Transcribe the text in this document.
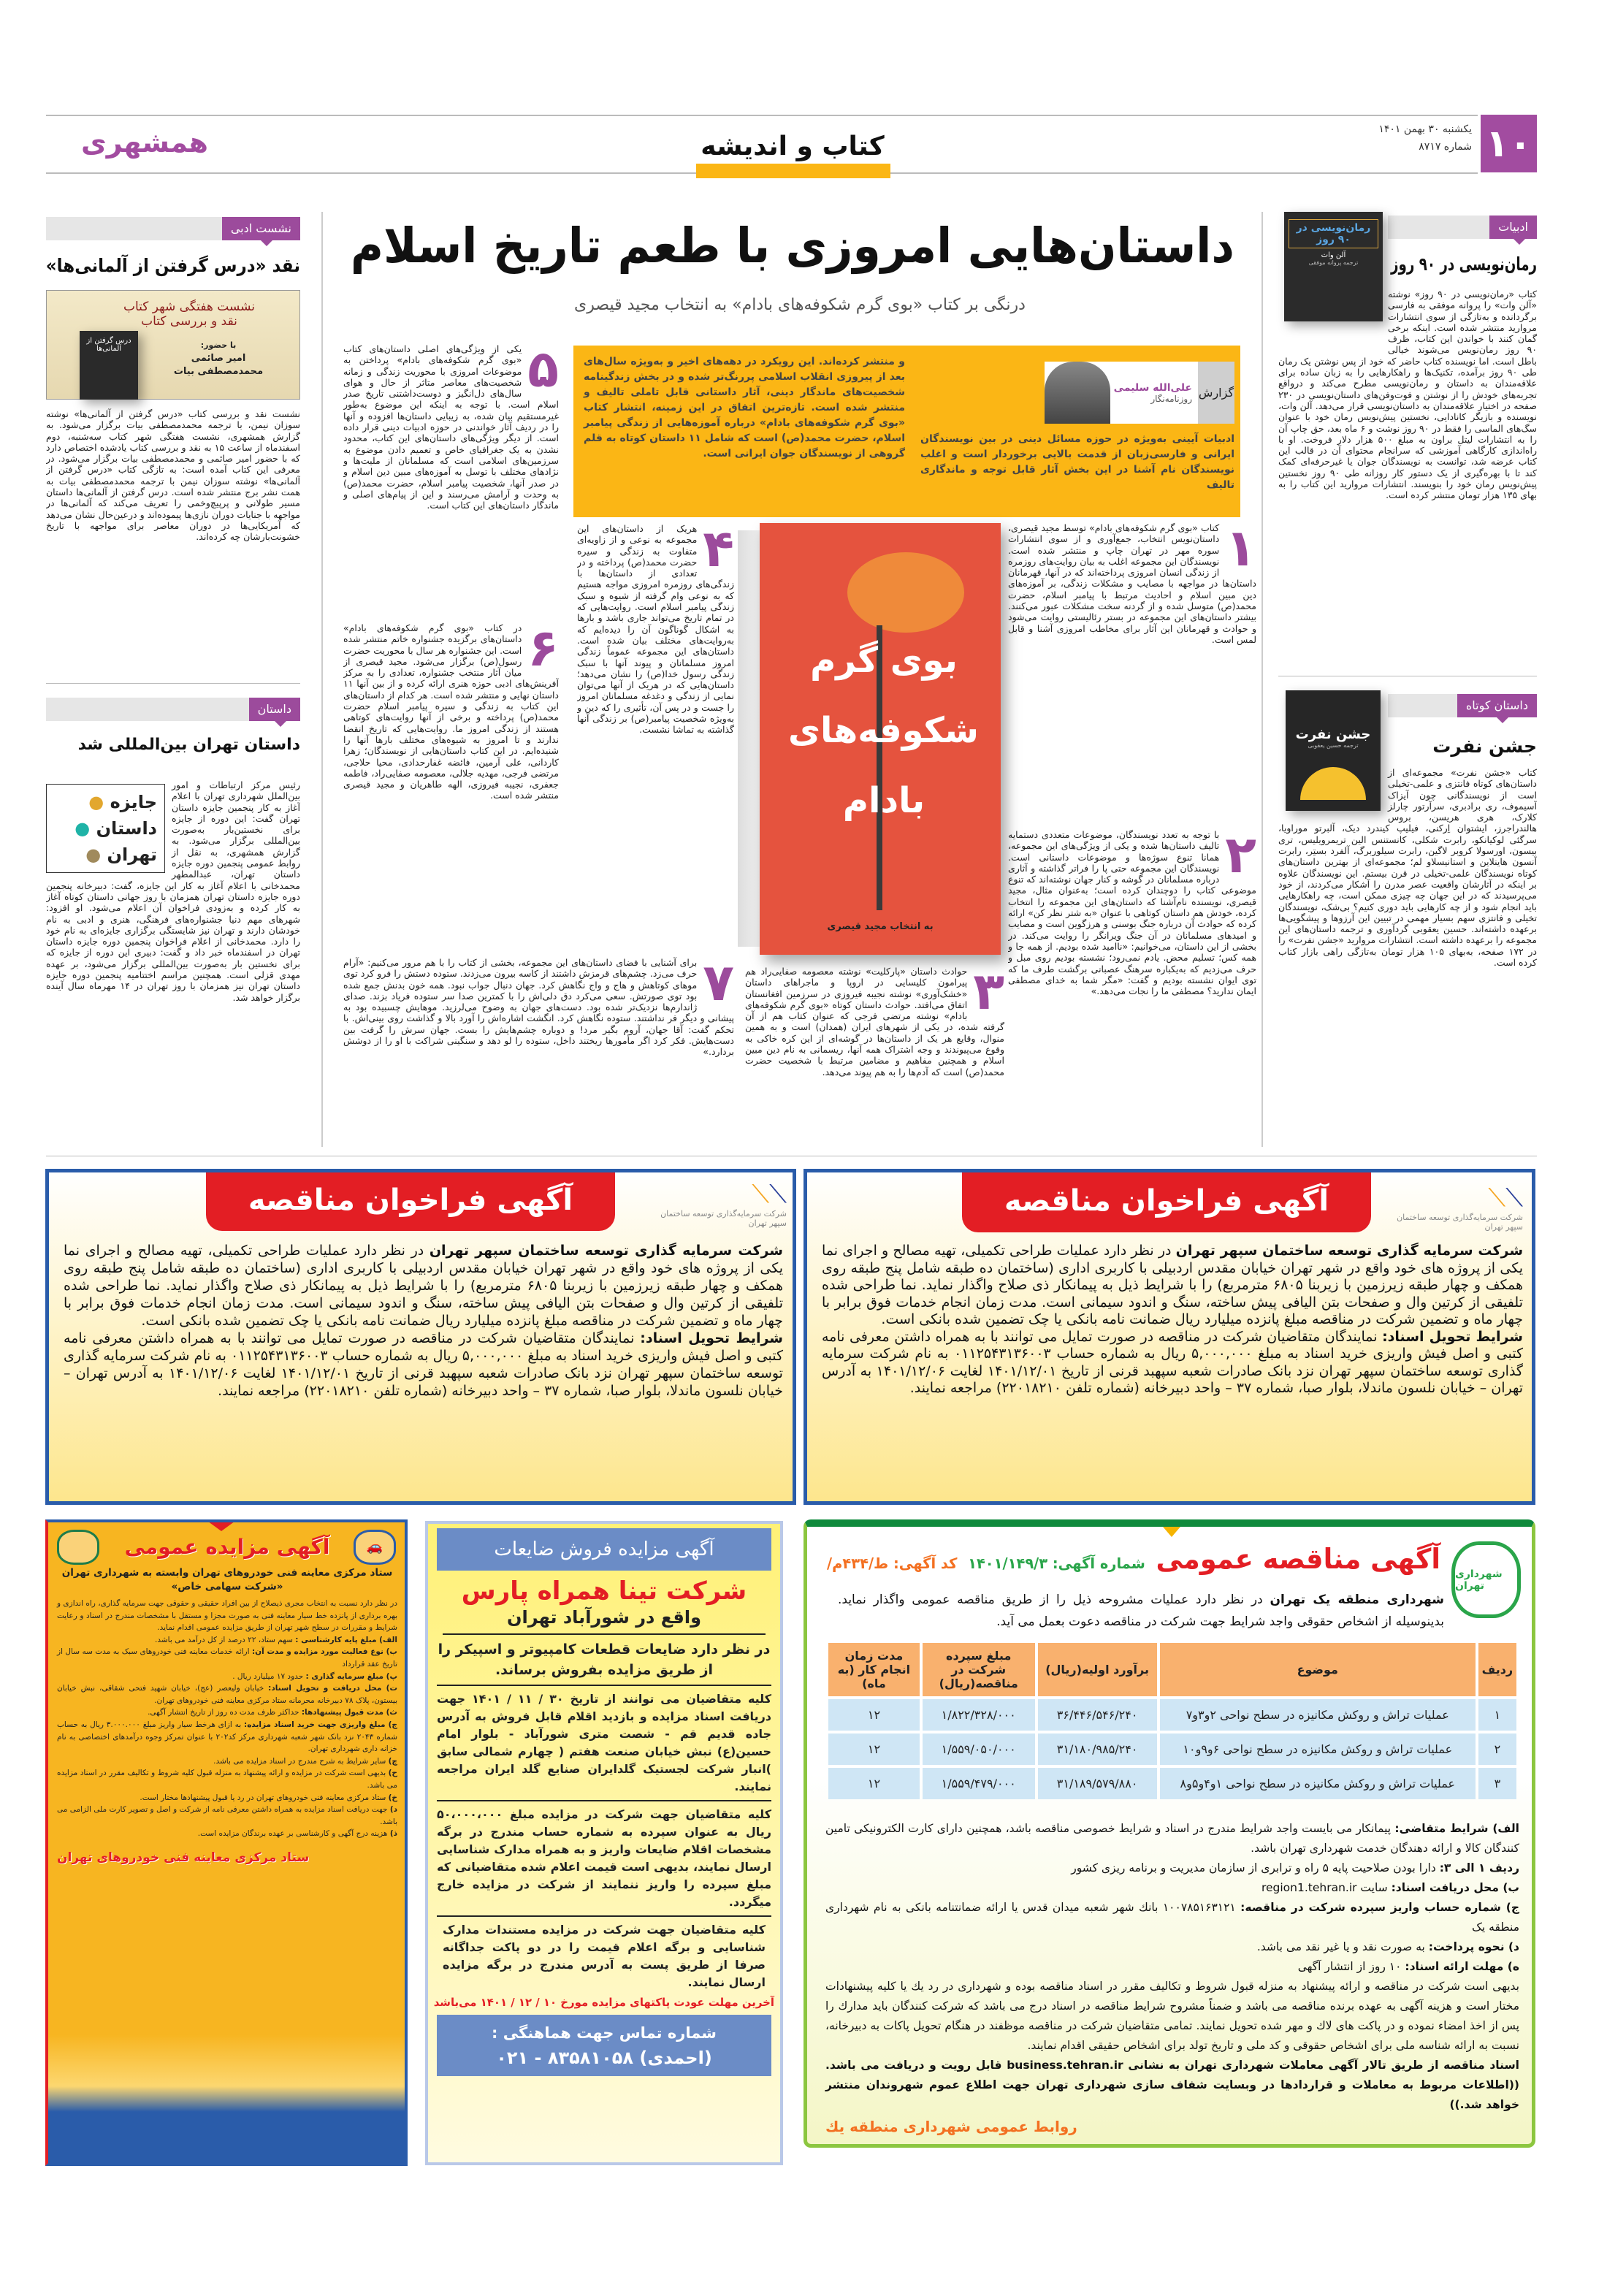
۱۰
یکشنبه ۳۰ بهمن ۱۴۰۱
شماره ۸۷۱۷
همشهری	کتاب و اندیشه
داستان‌هایی امروزی با طعم تاریخ اسلام
درنگی بر کتاب «بوی گرم شکوفه‌های بادام» به انتخاب مجید قیصری
گزارش
علی‌الله سلیمی
روزنامه‌نگار
ادبیات آیینی به‌ویژه در حوزه مسائل دینی در بین نویسندگان ایرانی و فارسی‌زبان از قدمت بالایی برخوردار است و اغلب نویسندگان نام آشنا در این بخش آثار قابل توجه و ماندگاری تالیف
و منتشر کرده‌اند. این رویکرد در دهه‌های اخیر و به‌ویژه سال‌های بعد از پیروزی انقلاب اسلامی پررنگ‌تر شده و در بخش زندگینامه شخصیت‌های ماندگار دینی، آثار داستانی قابل تاملی تالیف و منتشر شده است. تازه‌ترین اتفاق در این زمینه، انتشار کتاب «بوی گرم شکوفه‌های بادام» درباره آموزه‌هایی از زندگی پیامبر اسلام، حضرت محمد(ص) است که شامل ۱۱ داستان کوتاه به قلم گروهی از نویسندگان جوان ایرانی است.
بوی گرم
شکوفه‌های
بادام
به انتخاب مجید قیصری
۱
کتاب «بوی گرم شکوفه‌های بادام» توسط مجید قیصری، داستان‌نویس انتخاب، جمع‌آوری و از سوی انتشارات سوره مهر در تهران چاپ و منتشر شده است. نویسندگان این مجموعه اغلب به بیان روایت‌های روزمره از زندگی انسان امروزی پرداخته‌اند که در آنها، قهرمانان داستان‌ها در مواجهه با مصایب و مشکلات زندگی، بر آموزه‌های دین مبین اسلام و احادیث مرتبط با پیامبر اسلام، حضرت محمد(ص) متوسل شده و از گردنه سخت مشکلات عبور می‌کنند. بیشتر داستان‌های این مجموعه در بستر رئالیستی روایت می‌شود و حوادث و قهرمانان این آثار برای مخاطب امروزی آشنا و قابل لمس است.
۲
با توجه به تعدد نویسندگان، موضوعات متعددی دستمایه تالیف داستان‌ها شده و یکی از ویژگی‌های این مجموعه، همانا تنوع سوژه‌ها و موضوعات داستانی است. نویسندگان این مجموعه حتی پا را فراتر گذاشته و آثاری درباره مسلمانان در گوشه و کنار جهان نوشته‌اند که تنوع موضوعی کتاب را دوچندان کرده است؛ به‌عنوان مثال، مجید قیصری، نویسنده نام‌آشنا که داستان‌های این مجموعه را انتخاب کرده، خودش هم داستان کوتاهی با عنوان «به شتر نظر کن» ارائه کرده که حوادث آن درباره جنگ بوسنی و هرزگوین است و مصایب و امیدهای مسلمانان در آن جنگ ویرانگر را روایت می‌کند. در بخشی از این داستان، می‌خوانیم: «ناامید شده بودیم. از همه جا و همه کس؛ تسلیم محض. یادم نمی‌رود؛ نشسته بودیم روی مبل و حرف می‌زدیم که به‌یکباره سرهنگ عصبانی برگشت طرف ما که توی ایوان نشسته بودیم و گفت: «مگر شما به خدای مصطفی ایمان ندارید؟ مصطفی ما را نجات می‌دهد.»
۳
حوادث داستان «پارکلیت» نوشته معصومه صفایی‌راد هم پیرامون کلیسایی در اروپا و ماجراهای داستان «خشک‌آوری» نوشته نجیبه فیروزی در سرزمین افغانستان اتفاق می‌افتد. حوادث داستان کوتاه «بوی گرم شکوفه‌های بادام» نوشته مرتضی فرجی که عنوان کتاب هم از آن گرفته شده، در یکی از شهرهای ایران (همدان) است و به همین منوال، وقایع هر یک از داستان‌ها در گوشه‌ای از این کره خاکی به وقوع می‌پیوندند و وجه اشتراک همه آنها، ریسمانی به نام دین مبین اسلام و همچنین مفاهیم و مضامین مرتبط با شخصیت حضرت محمد(ص) است که آدم‌ها را به هم پیوند می‌دهد.
۴
هریک از داستان‌های این مجموعه به نوعی و از زاویه‌ای متفاوت به زندگی و سیره حضرت محمد(ص) پرداخته و در تعدادی از داستان‌ها با زندگی‌های روزمره امروزی مواجه هستیم که به نوعی وام گرفته از شیوه و سبک زندگی پیامبر اسلام است. روایت‌هایی که در تمام تاریخ می‌تواند جاری باشد و بارها به اشکال گوناگون آن را دیده‌ایم که به‌روایت‌های مختلف بیان شده است. داستان‌های این مجموعه عموماً زندگی امروز مسلمانان و پیوند آنها با سبک زندگی رسول خدا(ص) را نشان می‌دهد؛ داستان‌هایی که در هریک از آنها می‌توان نمایی از زندگی و دغدغه مسلمانان امروز را جست و در پس آن، تأثیری را که دین و به‌ویژه شخصیت پیامبر(ص) بر زندگی آنها گذاشته به تماشا نشست.
۵
یکی از ویژگی‌های اصلی داستان‌های کتاب «بوی گرم شکوفه‌های بادام» پرداختن به موضوعات امروزی با محوریت زندگی و زمانه شخصیت‌های معاصر متاثر از حال و هوای سال‌های دل‌انگیز و دوست‌داشتنی تاریخ صدر اسلام است. با توجه به اینکه این موضوع به‌طور غیرمستقیم بیان شده، به زیبایی داستان‌ها افزوده و آنها را در ردیف آثار خواندنی در حوزه ادبیات دینی قرار داده است. از دیگر ویژگی‌های داستان‌های این کتاب، محدود نشدن به یک جغرافیای خاص و تعمیم دادن موضوع به سرزمین‌های اسلامی است که مسلمانان از ملیت‌ها و نژادهای مختلف با توسل به آموزه‌های مبین دین اسلام و در صدر آنها، شخصیت پیامبر اسلام، حضرت محمد(ص) به وحدت و آرامش می‌رسند و این از پیام‌های اصلی و ماندگار داستان‌های این کتاب است.
۶
در کتاب «بوی گرم شکوفه‌های بادام» داستان‌های برگزیده جشنواره خاتم منتشر شده است. این جشنواره هر سال با محوریت حضرت رسول(ص) برگزار می‌شود. مجید قیصری از میان آثار منتخب جشنواره، تعدادی را به مرکز آفرینش‌های ادبی حوزه هنری ارائه کرده و از بین آنها ۱۱ داستان نهایی و منتشر شده است. هر کدام از داستان‌های این کتاب به زندگی و سیره پیامبر اسلام حضرت محمد(ص) پرداخته و برخی از آنها روایت‌های کوتاهی هستند از زندگی امروز ما. روایت‌هایی که تاریخ انقضا ندارند و تا امروز به شیوه‌های مختلف بارها آنها را شنیده‌ایم. در این کتاب داستان‌هایی از نویسندگان؛ زهرا کاردانی، علی آرمین، فائضه غفارحدادی، محیا حلاجی، مرتضی فرجی، مهدیه جلالی، معصومه صفایی‌راد، فاطمه جعفری، نجیبه فیروزی، الهه طاهریان و مجید قیصری منتشر شده است.
۷
برای آشنایی با فضای داستان‌های این مجموعه، بخشی از کتاب را با هم مرور می‌کنیم: «آرام حرف می‌زد. چشم‌های قرمزش داشتند از کاسه بیرون می‌زدند. ستوده دستش را فرو کرد توی موهای کوتاهش و هاج و واج نگاهش کرد. جهان دنبال جواب نبود. همه خون بدنش جمع شده بود توی صورتش. سعی می‌کرد دق دلی‌اش را با کمترین صدا سر ستوده فریاد بزند. صدای ژاندارم‌ها نزدیک‌تر شده بود. دست‌های جهان به وضوح می‌لرزید. موهایش چسبیده بود به پیشانی و دیگر فر نداشتند. ستوده نگاهش کرد. انگشت اشاره‌اش را آورد بالا و گذاشت روی بینی‌اش. با تحکم گفت: آقا جهان، آروم بگیر مرد! و دوباره چشم‌هایش را بست. جهان سرش را گرفت بین دست‌هایش. فکر کرد اگر مأمورها ریختند داخل، ستوده را لو دهد و سنگینی شراکت با او را از دوشش بردارد.»
ادبیات
رمان‌نویسی در ۹۰ روز
آلن وات
ترجمه پروانه موفقی	رمان‌نویسی در ۹۰ روز
کتاب «رمان‌نویسی در ۹۰ روز» نوشته «آلن وات» را پروانه موفقی به فارسی برگردانده و به‌تازگی از سوی انتشارات مروارید منتشر شده است. اینکه برخی گمان کنند با خواندن این کتاب، ظرف ۹۰ روز رمان‌نویس می‌شوند خیالی باطل است. اما نویسنده کتاب حاضر که خود از پس نوشتن یک رمان طی ۹۰ روز برآمده، تکنیک‌ها و راهکارهایی را به زبان ساده برای علاقه‌مندان به داستان و رمان‌نویسی مطرح می‌کند و درواقع تجربه‌های خودش را از نوشتن و فوت‌وفن‌های داستان‌نویسی در ۲۳۰ صفحه در اختیار علاقه‌مندان به داستان‌نویسی قرار می‌دهد. آلن وات، نویسنده و بازیگر کانادایی، نخستین پیش‌نویس رمان خود با عنوان سگ‌های الماسی را فقط در ۹۰ روز نوشت و ۶ ماه بعد، حق چاپ آن را به انتشارات لیتل براون به مبلغ ۵۰۰ هزار دلار فروخت. او با راه‌اندازی کارگاهی آموزشی که سرانجام محتوای آن در قالب این کتاب عرضه شد، توانست به نویسندگان جوان یا غیرحرفه‌ای کمک کند تا با بهره‌گیری از یک دستور کار روزانه طی ۹۰ روز نخستین پیش‌نویس رمان خود را بنویسند. انتشارات مروارید این کتاب را به بهای ۱۳۵ هزار تومان منتشر کرده است.
داستان کوتاه
جشن نفرت
ترجمه حسین یعقوبی	جشن نفرت
کتاب «جشن نفرت» مجموعه‌ای از داستان‌های کوتاه فانتزی و علمی-تخیلی است از نویسندگانی چون آیزاک آسیموف، ری برادبری، سرآرتور چارلز کلارک، هری هریسن، بروس هالندراجرز، ایشتوان اِرکنی، فیلیپ کیندرد دیک، آلبرتو موراویا، سرگئی لوکیانکو، رابرت شکلی، کانستنس الین تریمرویلیس، تری بیسون، اورسولا کروبر لاگین، رابرت سیلوربرگ، آلفرد بستِر، رابرت آنسون هاینلاین و استانیسلاو لم؛ مجموعه‌ای از بهترین داستان‌های کوتاه نویسندگان علمی-تخیلی در قرن بیستم. این نویسندگان علاوه بر اینکه در آثارشان واقعیت عصر مدرن را آشکار می‌کردند، از خود می‌پرسیدند که در این جهان چه چیزی ممکن است، چه راهکارهایی باید انجام شود و از چه کارهایی باید دوری کنیم؟ بی‌شک، نویسندگان تخیلی و فانتزی سهم بسیار مهمی در تبیین این آرزوها و پیشگویی‌ها برعهده داشته‌اند. حسین یعقوبی گردآوری و ترجمه داستان‌های این مجموعه را برعهده داشته است. انتشارات مروارید «جشن نفرت» را در ۱۷۲ صفحه، به‌بهای ۱۰۵ هزار تومان به‌تازگی راهی بازار کتاب کرده است.
نشست ادبی
نقد «درس گرفتن از آلمانی‌ها»
نشست هفتگی شهر کتاب
نقد و بررسی کتاب
درس گرفتن از آلمانی‌ها	با حضور:
امیر صائمی
محمدمصطفی بیات
نشست نقد و بررسی کتاب «درس گرفتن از آلمانی‌ها» نوشته سوزان نیمن، با ترجمه محمدمصطفی بیات برگزار می‌شود. به گزارش همشهری، نشست هفتگی شهر کتاب سه‌شنبه، دوم اسفندماه از ساعت ۱۵ به نقد و بررسی کتاب یادشده اختصاص دارد که با حضور امیر صائمی و محمدمصطفی بیات برگزار می‌شود. در معرفی این کتاب آمده است: به تازگی کتاب «درس گرفتن از آلمانی‌ها» نوشته سوزان نیمن با ترجمه محمدمصطفی بیات به همت نشر برج منتشر شده است. درس گرفتن از آلمانی‌ها داستان مسیر طولانی و پرپیچ‌وخمی را تعریف می‌کند که آلمانی‌ها در مواجهه با جنایات دوران نازی‌ها پیموده‌اند و درعین‌حال نشان می‌دهد که آمریکایی‌ها در دوران معاصر برای مواجهه با تاریخ خشونت‌بارشان چه کرده‌اند.
داستان
داستان تهران بین‌المللی شد
جایزه ●
داستان ●
تهران ●
رئیس مرکز ارتباطات و امور بین‌الملل شهرداری تهران با اعلام آغاز به کار پنجمین جایزه داستان تهران گفت: این دوره از جایزه برای نخستین‌بار به‌صورت بین‌المللی برگزار می‌شود. به گزارش همشهری، به نقل از روابط عمومی پنجمین دوره جایزه داستان تهران، عبدالمطهر محمدخانی با اعلام آغاز به کار این جایزه، گفت: دبیرخانه پنجمین دوره جایزه داستان تهران همزمان با روز جهانی داستان کوتاه آغاز به کار کرده و به‌زودی فراخوان آن اعلام می‌شود. او افزود: شهرهای مهم دنیا جشنواره‌های فرهنگی، هنری و ادبی به نام خودشان دارند و تهران نیز شایستگی برگزاری جایزه‌ای به نام خود را دارد. محمدخانی از اعلام فراخوان پنجمین دوره جایزه داستان تهران در اسفندماه خبر داد و گفت: دبیری این دوره از جایزه که برای نخستین بار به‌صورت بین‌المللی برگزار می‌شود، بر عهده مهدی قزلی است. همچنین مراسم اختتامیه پنجمین دوره جایزه داستان تهران نیز همزمان با روز تهران در ۱۴ مهرماه سال آینده برگزار خواهد شد.
آگهی فراخوان مناقصه	⟋⟋
شرکت سرمایه‌گذاری توسعه ساختمان سپهر تهران
شرکت سرمایه گذاری توسعه ساختمان سپهر تهران در نظر دارد عملیات طراحی تکمیلی، تهیه مصالح و اجرای نما یکی از پروژه های خود واقع در شهر تهران خیابان مقدس اردبیلی با کاربری اداری (ساختمان ده طبقه شامل پنج طبقه روی همکف و چهار طبقه زیرزمین با زیربنا ۶۸۰۵ مترمربع) را با شرایط ذیل به پیمانکار ذی صلاح واگذار نماید. نما طراحی شده تلفیقی از کرتین وال و صفحات بتن الیافی پیش ساخته، سنگ و اندود سیمانی است. مدت زمان انجام خدمات فوق برابر با چهار ماه و تضمین شرکت در مناقصه مبلغ پانزده میلیارد ریال ضمانت نامه بانکی یا چک تضمین شده بانکی است.
شرایط تحویل اسناد: نمایندگان متقاضیان شرکت در مناقصه در صورت تمایل می توانند با به همراه داشتن معرفی نامه کتبی و اصل فیش واریزی خرید اسناد به مبلغ ۵,۰۰۰,۰۰۰ ریال به شماره حساب ۰۱۱۲۵۴۳۱۳۶۰۰۳ به نام شرکت سرمایه گذاری توسعه ساختمان سپهر تهران نزد بانک صادرات شعبه سپهبد قرنی از تاریخ ۱۴۰۱/۱۲/۰۱ لغایت ۱۴۰۱/۱۲/۰۶ به آدرس تهران – خیابان نلسون ماندلا، بلوار صبا، شماره ۳۷ – واحد دبیرخانه (شماره تلفن ۲۲۰۱۸۲۱۰) مراجعه نمایند.
آگهی فراخوان مناقصه	⟋⟋
شرکت سرمایه‌گذاری توسعه ساختمان سپهر تهران
شرکت سرمایه گذاری توسعه ساختمان سپهر تهران در نظر دارد عملیات طراحی تکمیلی، تهیه مصالح و اجرای نما یکی از پروژه های خود واقع در شهر تهران خیابان مقدس اردبیلی با کاربری اداری (ساختمان ده طبقه شامل پنج طبقه روی همکف و چهار طبقه زیرزمین با زیربنا ۶۸۰۵ مترمربع) را با شرایط ذیل به پیمانکار ذی صلاح واگذار نماید. نما طراحی شده تلفیقی از کرتین وال و صفحات بتن الیافی پیش ساخته، سنگ و اندود سیمانی است. مدت زمان انجام خدمات فوق برابر با چهار ماه و تضمین شرکت در مناقصه مبلغ پانزده میلیارد ریال ضمانت نامه بانکی یا چک تضمین شده بانکی است.
شرایط تحویل اسناد: نمایندگان متقاضیان شرکت در مناقصه در صورت تمایل می توانند با به همراه داشتن معرفی نامه کتبی و اصل فیش واریزی خرید اسناد به مبلغ ۵,۰۰۰,۰۰۰ ریال به شماره حساب ۰۱۱۲۵۴۳۱۳۶۰۰۳ به نام شرکت سرمایه گذاری توسعه ساختمان سپهر تهران نزد بانک صادرات شعبه سپهبد قرنی از تاریخ ۱۴۰۱/۱۲/۰۱ لغایت ۱۴۰۱/۱۲/۰۶ به آدرس تهران – خیابان نلسون ماندلا، بلوار صبا، شماره ۳۷ – واحد دبیرخانه (شماره تلفن ۲۲۰۱۸۲۱۰) مراجعه نمایند.
شهرداری تهران
آگهی مناقصه عمومی شماره آگهی: ۱۴۰۱/۱۴۹/۳ کد آگهی: ط/۴۳۴م/
شهرداری منطقه یک تهران در نظر دارد عملیات مشروحه ذیل را از طریق مناقصه عمومی واگذار نماید. بدینوسیله از اشخاص حقوقی واجد شرایط جهت شرکت در مناقصه دعوت بعمل می آید.
ردیف	موضوع	برآورد اولیه(ریال)	مبلغ سپرده شرکت در مناقصه(ریال)	مدت زمان انجام کار (به ماه)
۱	عملیات تراش و روکش مکانیزه در سطح نواحی ۲و۳و۷	۳۶/۴۴۶/۵۴۶/۲۴۰	۱/۸۲۲/۳۲۸/۰۰۰	۱۲
۲	عملیات تراش و روکش مکانیزه در سطح نواحی ۶و۹و۱۰	۳۱/۱۸۰/۹۸۵/۲۴۰	۱/۵۵۹/۰۵۰/۰۰۰	۱۲
۳	عملیات تراش و روکش مکانیزه در سطح نواحی ۱و۴و۵و۸	۳۱/۱۸۹/۵۷۹/۸۸۰	۱/۵۵۹/۴۷۹/۰۰۰	۱۲
الف) شرایط متقاضی: پیمانکار می بایست واجد شرایط مندرج در اسناد و شرایط خصوصی مناقصه باشد، همچنین دارای کارت الکترونیکی تامین کنندگان کالا و ارائه دهندگان خدمت شهرداری تهران باشد.
ردیف ۱ الی ۳: دارا بودن صلاحیت پایه ۵ راه و ترابری از سازمان مدیریت و برنامه ریزی کشور
ب) محل دریافت اسناد: سایت region1.tehran.ir
ج) شماره حساب واریز سپرده شرکت در مناقصه: ۱۰۰۷۸۵۱۶۳۱۲۱ بانك شهر شعبه میدان قدس یا ارائه ضمانتنامه بانکی به نام شهرداری منطقه یک
د) نحوه پرداخت: به صورت نقد و یا غیر نقد می باشد.
ه) مهلت ارائه اسناد: ۱۰ روز از انتشار آگهی
بدیهی است شرکت در مناقصه و ارائه پیشنهاد به منزله قبول شروط و تکالیف مقرر در اسناد مناقصه بوده و شهرداری در رد یك یا کلیه پیشنهادات مختار است و هزینه آگهی به عهده برنده مناقصه می باشد و ضمناً مشروح شرایط مناقصه در اسناد درج می باشد که شرکت کنندگان باید مدارك را پس از اخذ امضاء نموده و در پاکت های لاك و مهر شده تحویل نمایند. تمامی متقاضیان شرکت در مناقصه موظفند در هنگام تحویل پاکات به دبیرخانه، نسبت به ارائه شناسه ملی برای اشخاص حقوقی و کد ملی و تاریخ تولد برای اشخاص حقیقی اقدام نمایند.
اسناد مناقصه از طریق تالار آگهی معاملات شهرداری تهران به نشانی business.tehran.ir قابل رویت و دریافت می باشد. ((اطلاعات مربوط به معاملات و قراردادها در وبسایت شفاف سازی شهرداری تهران جهت اطلاع عموم شهروندان منتشر خواهد شد.))
روابط عمومی شهرداری منطقه یك
آگهی مزایده فروش ضایعات
شرکت تینا همراه پارس
واقع در شورآباد تهران
در نظر دارد ضایعات قطعات کامپیوتر و اسپیکر را از طریق مزایده بفروش برساند.
کلیه متقاضیان می توانند از تاریخ ۳۰ / ۱۱ / ۱۴۰۱ جهت دریافت اسناد مزایده و بازدید اقلام قابل فروش به آدرس جاده قدیم قم - شصت متری شورآباد - بلوار امام حسین(ع) نبش خیابان صنعت هفتم ( چهارم شمالی سابق )انبار شرکت لجستیک گلدایران صنایع گلد ایران مراجعه نمایند.
کلیه متقاضیان جهت شرکت در مزایده مبلغ ۵۰،۰۰۰،۰۰۰ ریال به عنوان سپرده به شماره حساب مندرج در برگه مشخصات اقلام ضایعات واریز و به همراه مدارک شناسایی ارسال نمایند، بدیهی است قیمت اعلام شده متقاضیانی که مبلغ سپرده را واریز ننمایند از شرکت در مزایده خارج میگردد.
کلیه متقاضیان جهت شرکت در مزایده مستندات مدارک شناسایی و برگه اعلام قیمت را در دو پاکت جداگانه صرفا از طریق پست به آدرس مندرج در برگه مزایده ارسال نمایند.
آخرین مهلت عودت پاکتهای مزایده مورخ ۱۰ / ۱۲ / ۱۴۰۱ می‌باشد
شماره تماس جهت هماهنگی :
(احمدی) ۸۳۵۸۱۰۵۸ - ۰۲۱
🚗
آگهی مزایده عمومی
ستاد مرکزی معاینه فنی خودروهای تهران وابسته به شهرداری تهران
«شرکت سهامی خاص»
در نظر دارد نسبت به انتخاب مجری ذیصلاح از بین افراد حقیقی و حقوقی جهت سرمایه گذاری، راه اندازی و بهره برداری از پانزده خط سیار معاینه فنی به صورت مجزا و مستقل با مشخصات مندرج در اسناد و رعایت شرایط و مقررات در سطح شهر تهران از طریق مزایده عمومی اقدام نماید.
الف) مبلغ پایه کارشناسی : سهم ستاد، ۲۲ درصد از کل درآمد می باشد.
ب) نوع فعالیت مورد مزایده و مدت آن: ارائه خدمات معاینه فنی خودروهای سبک به مدت سه سال از تاریخ عقد قرارداد
پ) مبلغ سرمایه گذاری : حدود ۱۷ میلیارد ریال .
ت) محل دریافت و تحویل اسناد: خیابان ولیعصر (عج)، خیابان شهید فتحی شقاقی، نبش خیابان بیستون، پلاک ۷۸ دبیرخانه محرمانه ستاد مرکزی معاینه فنی خودروهای تهران.
ث) مدت قبول پیشنهادها: حداکثر ظرف مدت ده روز از تاریخ انتشار آگهی.
ج) مبلغ واریزی جهت خرید اسناد مزایده: به ازای هرخط سیار واریز مبلغ ۳.۰۰۰.۰۰۰ ریال به حساب شماره ۲۰۴۳ نزد بانک شهر شعبه شهرداری مرکز کد۲۰۲ با عنوان تمرکز وجوه درآمدهای اختصاصی به نام خزانه داری شهرداری تهران.
چ) سایر شرایط به شرح مندرج در اسناد مزایده می باشد.
ح) بدیهی است شرکت در مزایده و ارائه پیشنهاد به منزله قبول کلیه شروط و تکالیف مقرر در اسناد مزایده می باشد.
خ) ستاد مرکزی معاینه فنی خودروهای تهران در رد یا قبول پیشنهادها مختار است.
د) جهت دریافت اسناد مزایده به همراه داشتن معرفی نامه از شرکت و اصل و تصویر کارت ملی الزامی می باشد.
ذ) هزینه درج آگهی و کارشناسی بر عهده برندگان مزایده است.
ستاد مرکزی معاینه فنی خودروهای تهران
